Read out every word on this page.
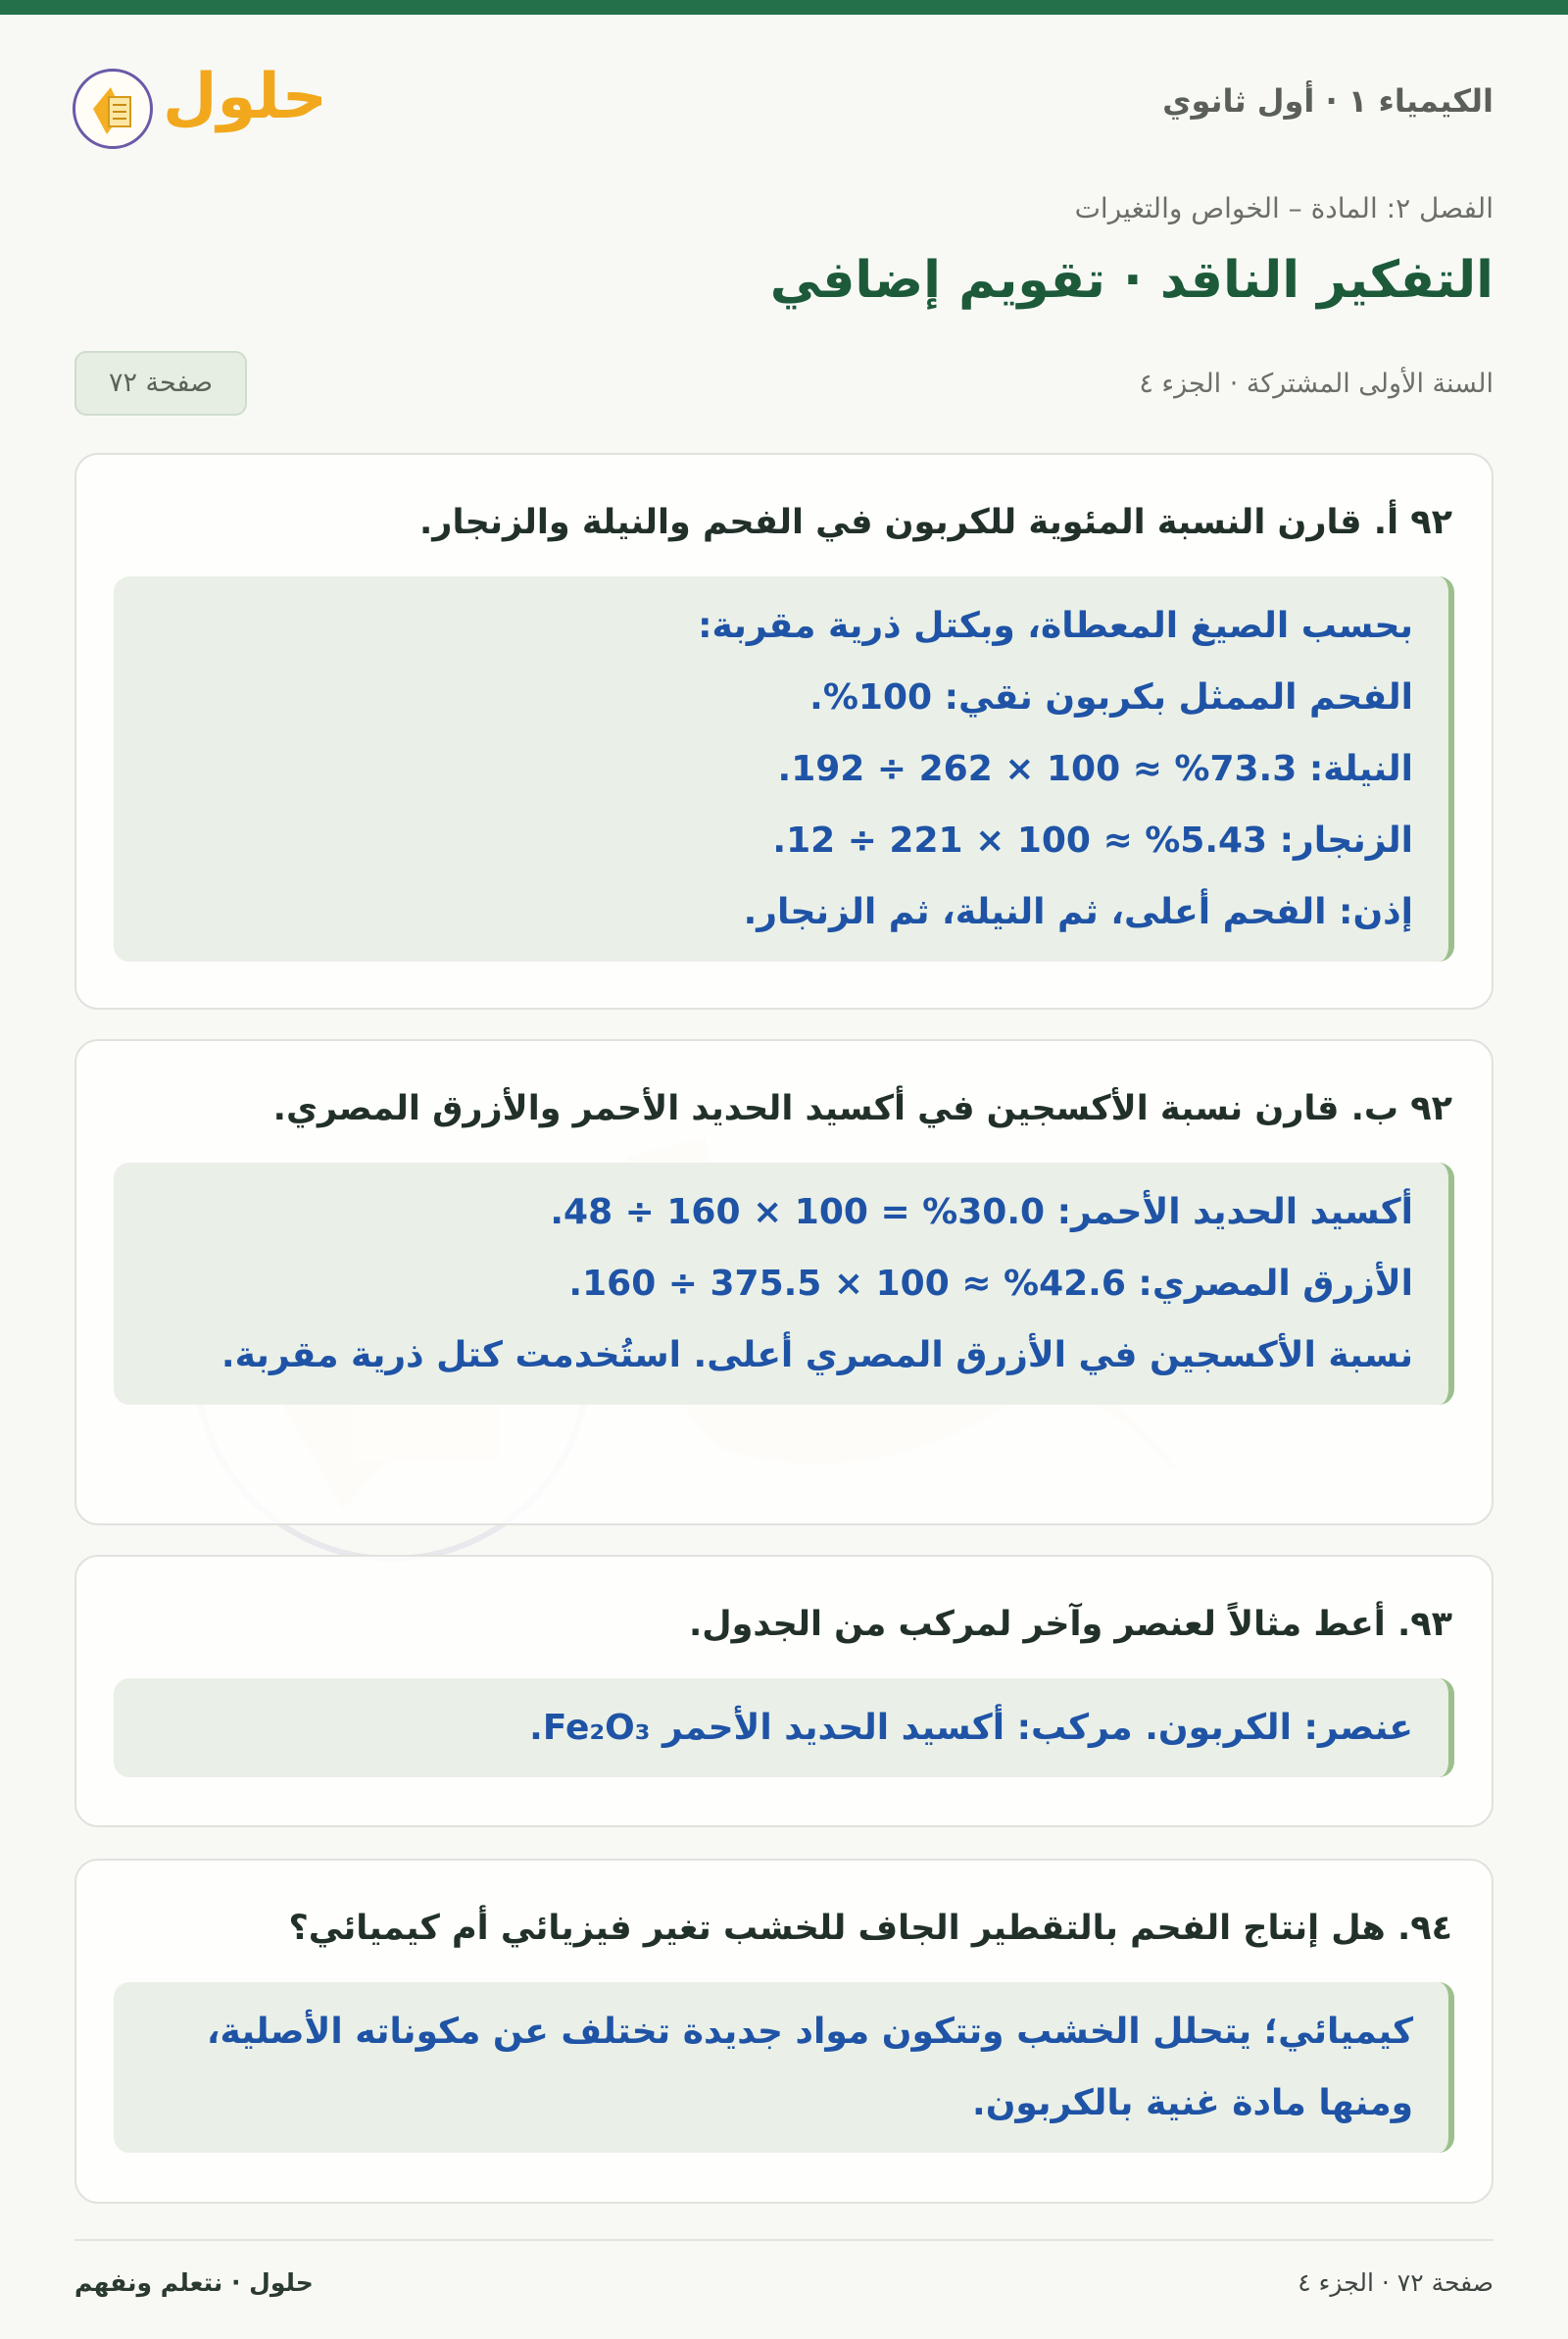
الكيمياء ١ · أول ثانوي
حلول
الفصل ٢: المادة – الخواص والتغيرات
التفكير الناقد · تقويم إضافي
السنة الأولى المشتركة · الجزء ٤
صفحة ٧٢
٩٢ أ. قارن النسبة المئوية للكربون في الفحم والنيلة والزنجار.

بحسب الصيغ المعطاة، وبكتل ذرية مقربة:

الفحم الممثل بكربون نقي: 100%.

النيلة: 73.3% ≈ 100 × 262 ÷ 192.

الزنجار: 5.43% ≈ 100 × 221 ÷ 12.

إذن: الفحم أعلى، ثم النيلة، ثم الزنجار.

٩٢ ب. قارن نسبة الأكسجين في أكسيد الحديد الأحمر والأزرق المصري.

أكسيد الحديد الأحمر: 30.0% = 100 × 160 ÷ 48.

الأزرق المصري: 42.6% ≈ 100 × 375.5 ÷ 160.

نسبة الأكسجين في الأزرق المصري أعلى. استُخدمت كتل ذرية مقربة.

٩٣. أعط مثالاً لعنصر وآخر لمركب من الجدول.

عنصر: الكربون. مركب: أكسيد الحديد الأحمر Fe₂O₃.

٩٤. هل إنتاج الفحم بالتقطير الجاف للخشب تغير فيزيائي أم كيميائي؟

كيميائي؛ يتحلل الخشب وتتكون مواد جديدة تختلف عن مكوناته الأصلية، ومنها مادة غنية بالكربون.

صفحة ٧٢ · الجزء ٤
حلول · نتعلم ونفهم
